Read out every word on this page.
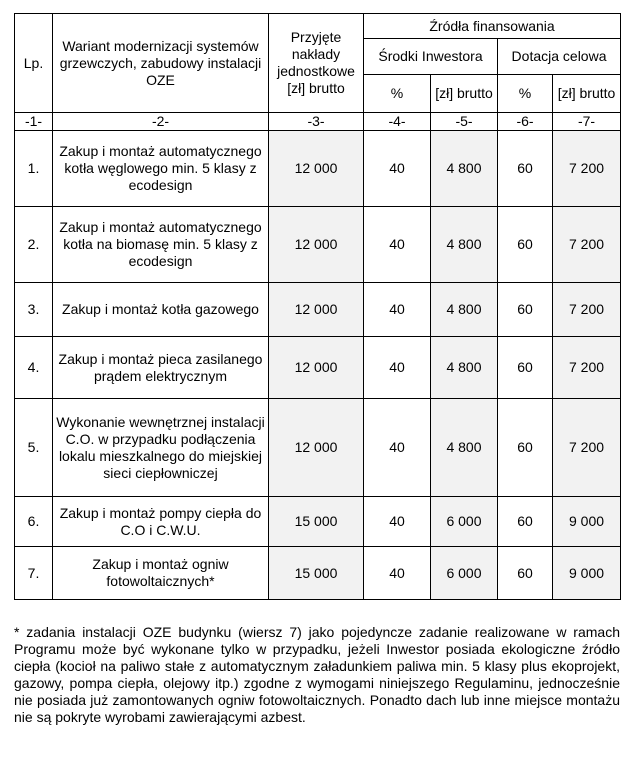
Lp.	Wariant modernizacji systemów grzewczych, zabudowy instalacji OZE	Przyjęte nakłady jednostkowe [zł] brutto	Źródła finansowania			
			Środki Inwestora		Dotacja celowa	
			%	[zł] brutto	%	[zł] brutto
-1-	-2-	-3-	-4-	-5-	-6-	-7-
1.	Zakup i montaż automatycznego kotła węglowego min. 5 klasy z ecodesign	12 000	40	4 800	60	7 200
2.	Zakup i montaż automatycznego kotła na biomasę min. 5 klasy z ecodesign	12 000	40	4 800	60	7 200
3.	Zakup i montaż kotła gazowego	12 000	40	4 800	60	7 200
4.	Zakup i montaż pieca zasilanego prądem elektrycznym	12 000	40	4 800	60	7 200
5.	Wykonanie wewnętrznej instalacji C.O. w przypadku podłączenia lokalu mieszkalnego do miejskiej sieci ciepłowniczej	12 000	40	4 800	60	7 200
6.	Zakup i montaż pompy ciepła do C.O i C.W.U.	15 000	40	6 000	60	9 000
7.	Zakup i montaż ogniw fotowoltaicznych*	15 000	40	6 000	60	9 000

* zadania instalacji OZE budynku (wiersz 7) jako pojedyncze zadanie realizowane w ramach Programu może być wykonane tylko w przypadku, jeżeli Inwestor posiada ekologiczne źródło ciepła (kocioł na paliwo stałe z automatycznym załadunkiem paliwa min. 5 klasy plus ekoprojekt, gazowy, pompa ciepła, olejowy itp.) zgodne z wymogami niniejszego Regulaminu, jednocześnie nie posiada już zamontowanych ogniw fotowoltaicznych. Ponadto dach lub inne miejsce montażu nie są pokryte wyrobami zawierającymi azbest.
